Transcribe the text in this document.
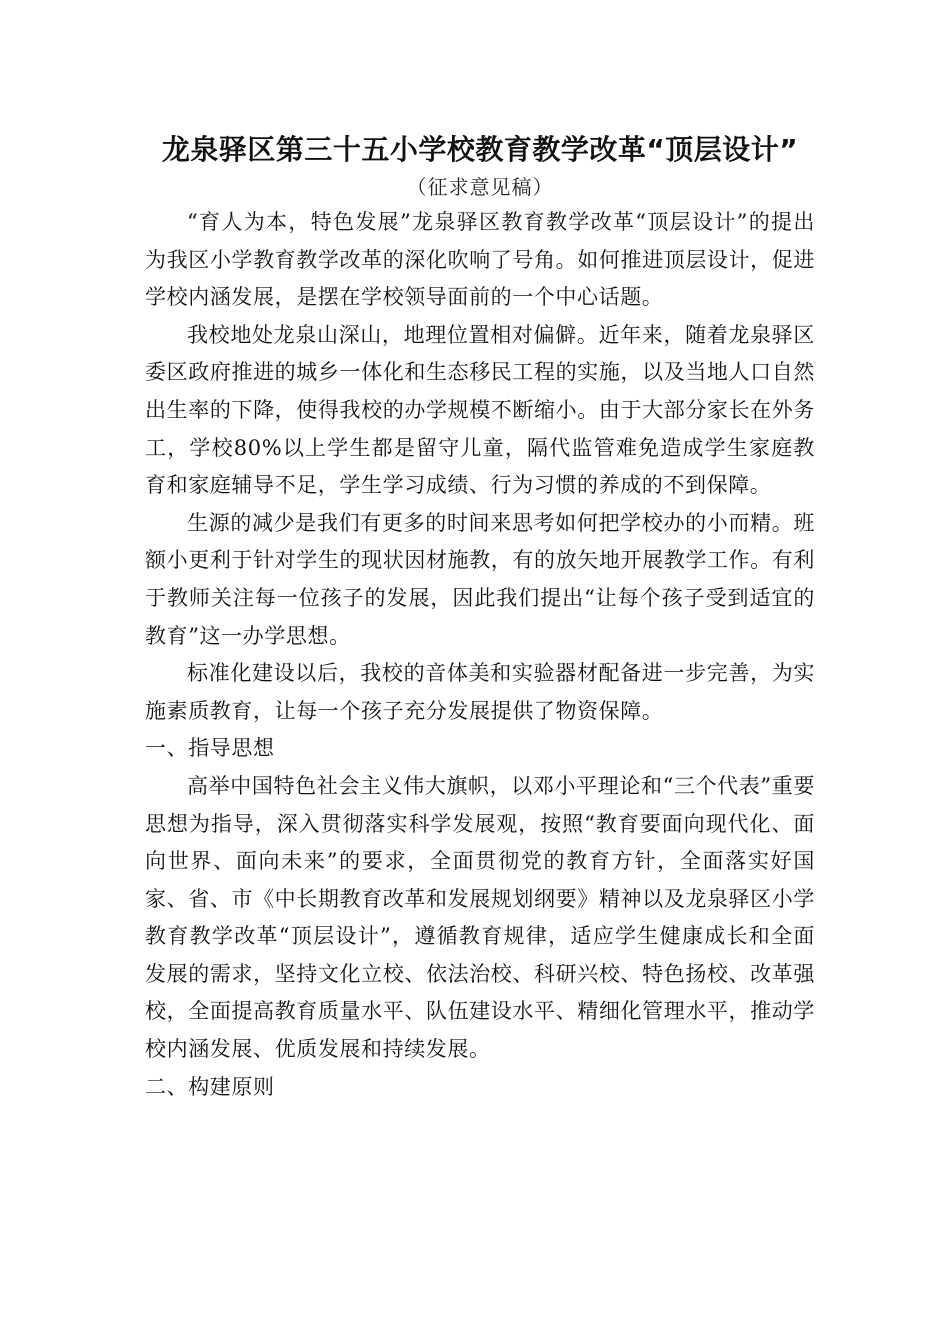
龙泉驿区第三十五小学校教育教学改革“顶层设计”

（征求意见稿）

“育人为本，特色发展”龙泉驿区教育教学改革“顶层设计”的提出为我区小学教育教学改革的深化吹响了号角。如何推进顶层设计，促进学校内涵发展，是摆在学校领导面前的一个中心话题。

我校地处龙泉山深山，地理位置相对偏僻。近年来，随着龙泉驿区委区政府推进的城乡一体化和生态移民工程的实施，以及当地人口自然出生率的下降，使得我校的办学规模不断缩小。由于大部分家长在外务工，学校80%以上学生都是留守儿童，隔代监管难免造成学生家庭教育和家庭辅导不足，学生学习成绩、行为习惯的养成的不到保障。

生源的减少是我们有更多的时间来思考如何把学校办的小而精。班额小更利于针对学生的现状因材施教，有的放矢地开展教学工作。有利于教师关注每一位孩子的发展，因此我们提出“让每个孩子受到适宜的教育”这一办学思想。

标准化建设以后，我校的音体美和实验器材配备进一步完善，为实施素质教育，让每一个孩子充分发展提供了物资保障。

一、指导思想

高举中国特色社会主义伟大旗帜，以邓小平理论和“三个代表”重要思想为指导，深入贯彻落实科学发展观，按照“教育要面向现代化、面向世界、面向未来”的要求，全面贯彻党的教育方针，全面落实好国家、省、市《中长期教育改革和发展规划纲要》精神以及龙泉驿区小学教育教学改革“顶层设计”，遵循教育规律，适应学生健康成长和全面发展的需求，坚持文化立校、依法治校、科研兴校、特色扬校、改革强校，全面提高教育质量水平、队伍建设水平、精细化管理水平，推动学校内涵发展、优质发展和持续发展。

二、构建原则
